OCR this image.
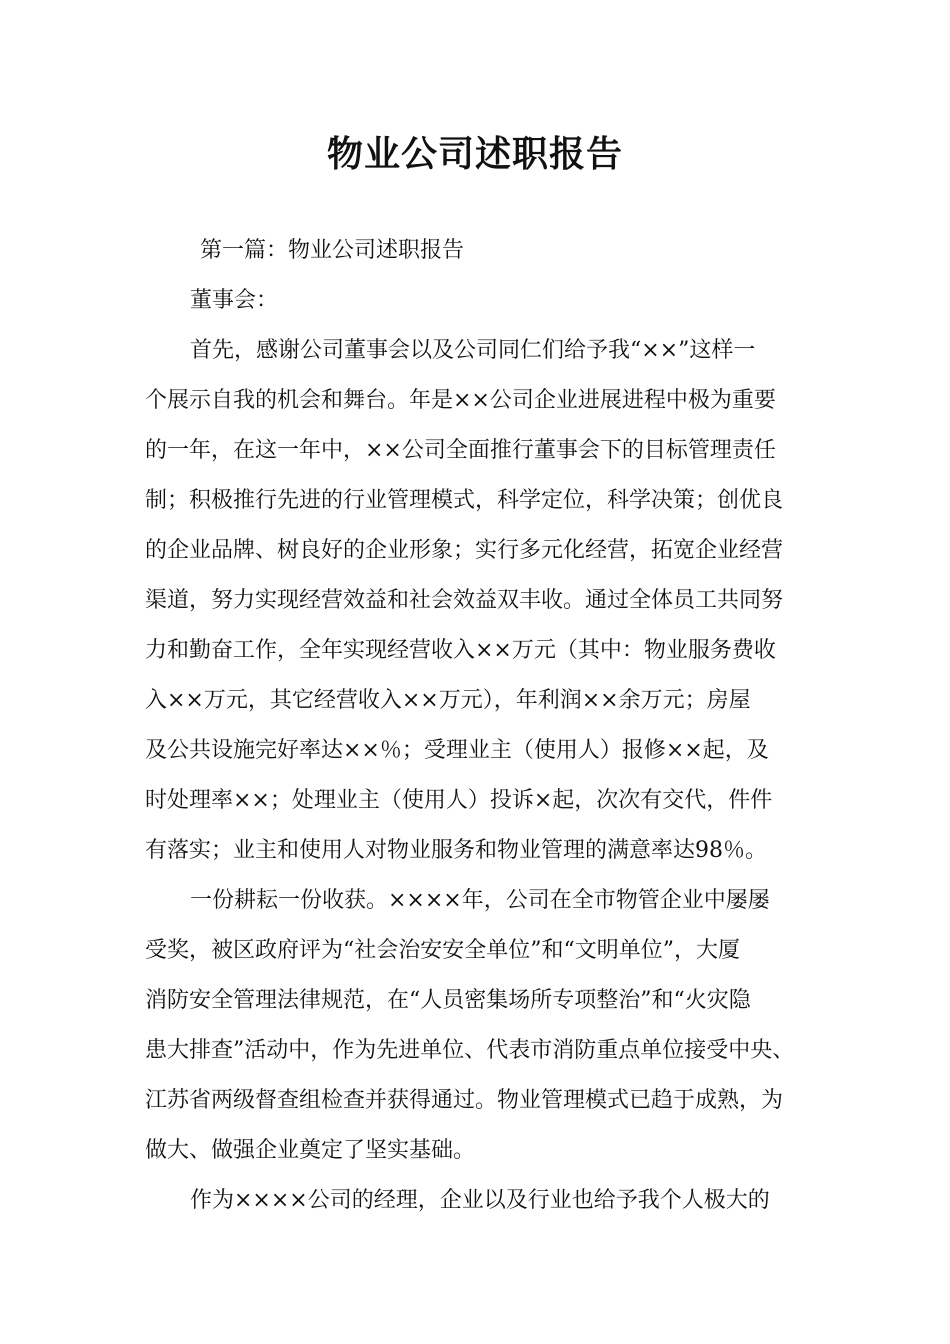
物业公司述职报告

第一篇：物业公司述职报告

董事会：

首先，感谢公司董事会以及公司同仁们给予我“××”这样一

个展示自我的机会和舞台。年是××公司企业进展进程中极为重要

的一年，在这一年中，××公司全面推行董事会下的目标管理责任

制；积极推行先进的行业管理模式，科学定位，科学决策；创优良

的企业品牌、树良好的企业形象；实行多元化经营，拓宽企业经营

渠道，努力实现经营效益和社会效益双丰收。通过全体员工共同努

力和勤奋工作，全年实现经营收入××万元（其中：物业服务费收

入××万元，其它经营收入××万元），年利润××余万元；房屋

及公共设施完好率达××％；受理业主（使用人）报修××起，及

时处理率××；处理业主（使用人）投诉×起，次次有交代，件件

有落实；业主和使用人对物业服务和物业管理的满意率达98％。

一份耕耘一份收获。××××年，公司在全市物管企业中屡屡

受奖，被区政府评为“社会治安安全单位”和“文明单位”，大厦

消防安全管理法律规范，在“人员密集场所专项整治”和“火灾隐

患大排查”活动中，作为先进单位、代表市消防重点单位接受中央、

江苏省两级督查组检查并获得通过。物业管理模式已趋于成熟，为

做大、做强企业奠定了坚实基础。

作为××××公司的经理，企业以及行业也给予我个人极大的
